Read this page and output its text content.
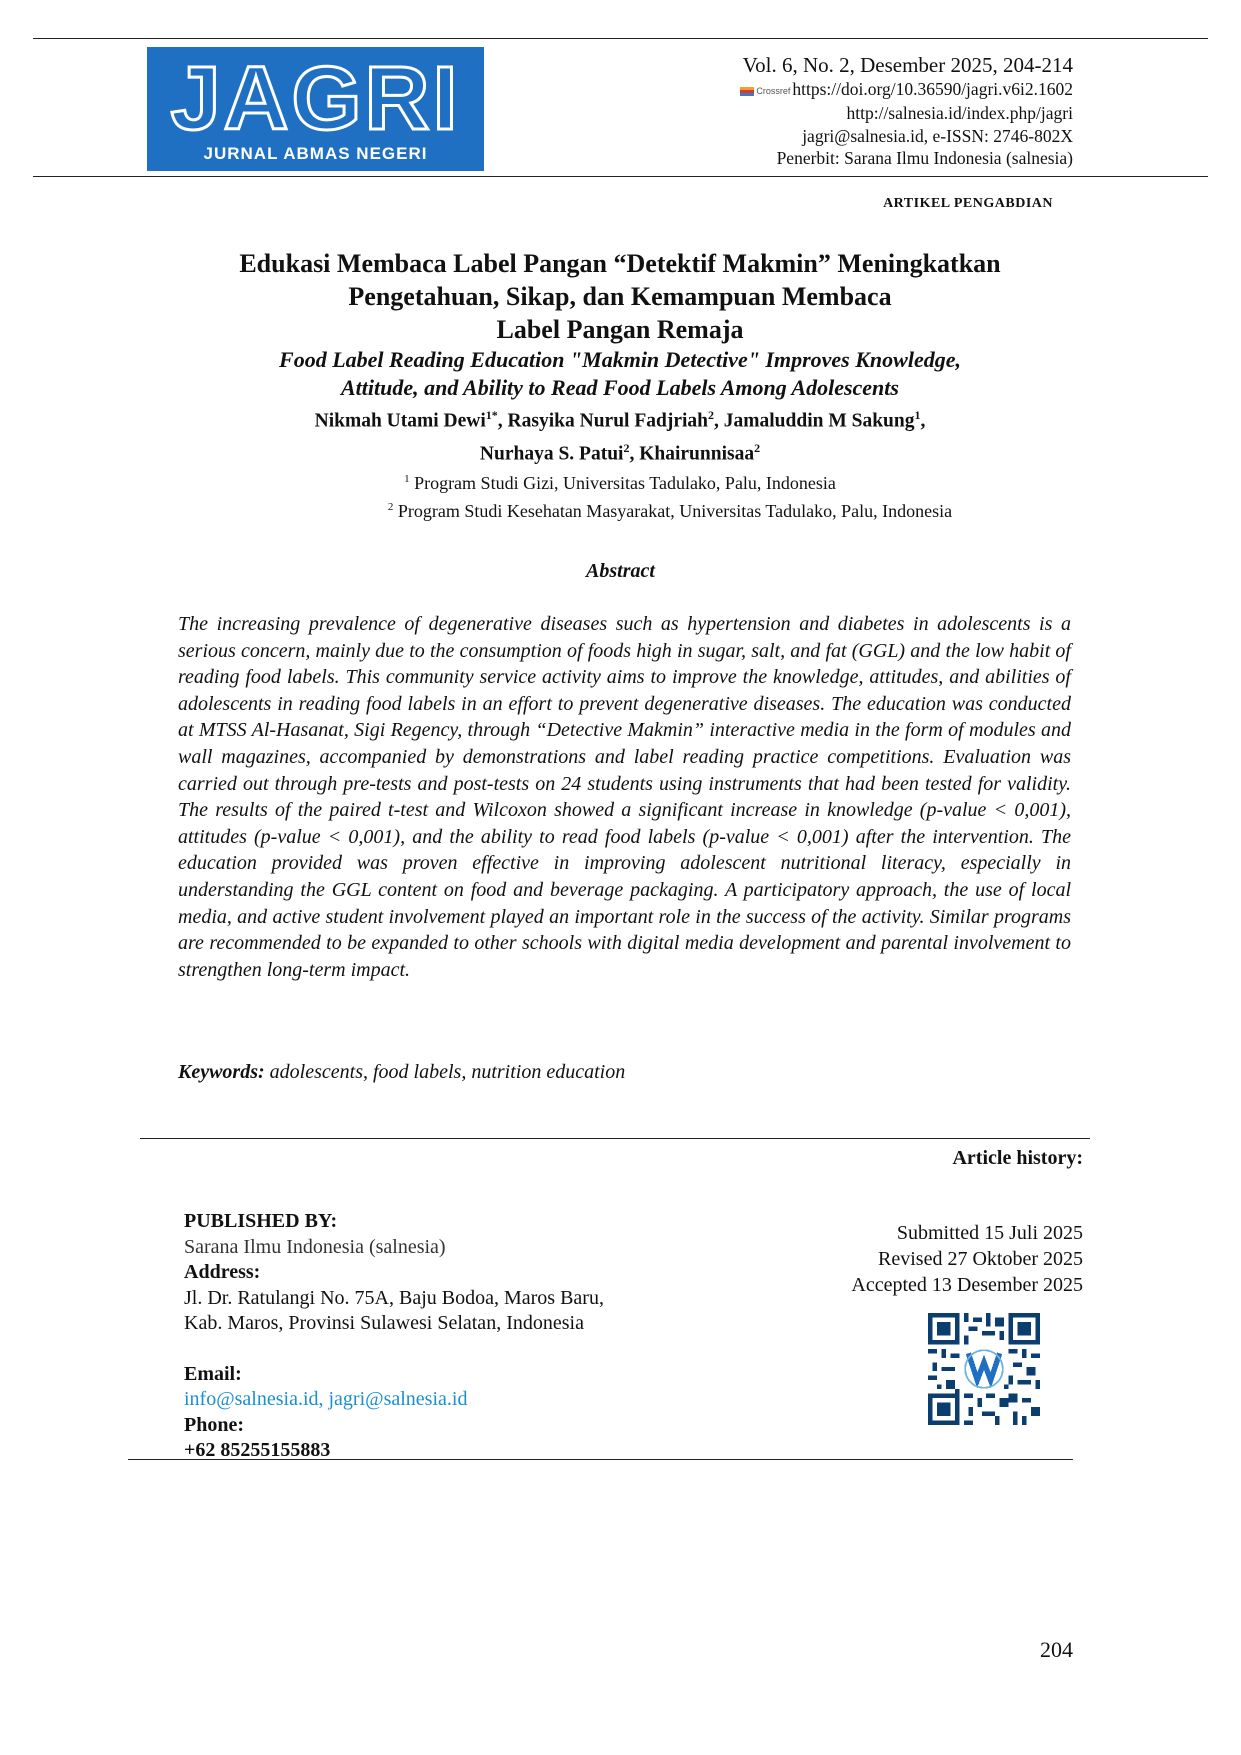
JAGRI
JURNAL ABMAS NEGERI
Vol. 6, No. 2, Desember 2025, 204-214
Crossref https://doi.org/10.36590/jagri.v6i2.1602
http://salnesia.id/index.php/jagri
jagri@salnesia.id, e-ISSN: 2746-802X
Penerbit: Sarana Ilmu Indonesia (salnesia)
ARTIKEL PENGABDIAN
Edukasi Membaca Label Pangan “Detektif Makmin” Meningkatkan
Pengetahuan, Sikap, dan Kemampuan Membaca
Label Pangan Remaja
Food Label Reading Education "Makmin Detective" Improves Knowledge,
Attitude, and Ability to Read Food Labels Among Adolescents
Nikmah Utami Dewi$^{1*}$, Rasyika Nurul Fadjriah$^2$, Jamaluddin M Sakung$^1$,
Nurhaya S. Patui$^2$, Khairunnisaa$^2$
$^1$ Program Studi Gizi, Universitas Tadulako, Palu, Indonesia
$^2$ Program Studi Kesehatan Masyarakat, Universitas Tadulako, Palu, Indonesia
Abstract
The increasing prevalence of degenerative diseases such as hypertension and diabetes in adolescents is a serious concern, mainly due to the consumption of foods high in sugar, salt, and fat (GGL) and the low habit of reading food labels. This community service activity aims to improve the knowledge, attitudes, and abilities of adolescents in reading food labels in an effort to prevent degenerative diseases. The education was conducted at MTSS Al-Hasanat, Sigi Regency, through “Detective Makmin” interactive media in the form of modules and wall magazines, accompanied by demonstrations and label reading practice competitions. Evaluation was carried out through pre-tests and post-tests on 24 students using instruments that had been tested for validity. The results of the paired t-test and Wilcoxon showed a significant increase in knowledge (p-value < 0,001), attitudes (p-value < 0,001), and the ability to read food labels (p-value < 0,001) after the intervention. The education provided was proven effective in improving adolescent nutritional literacy, especially in understanding the GGL content on food and beverage packaging. A participatory approach, the use of local media, and active student involvement played an important role in the success of the activity. Similar programs are recommended to be expanded to other schools with digital media development and parental involvement to strengthen long-term impact.
Keywords: adolescents, food labels, nutrition education
Article history:
PUBLISHED BY:
Sarana Ilmu Indonesia (salnesia)
Address:
Jl. Dr. Ratulangi No. 75A, Baju Bodoa, Maros Baru,
Kab. Maros, Provinsi Sulawesi Selatan, Indonesia
Email:
info@salnesia.id, jagri@salnesia.id
Phone:
+62 85255155883
Submitted 15 Juli 2025
Revised 27 Oktober 2025
Accepted 13 Desember 2025
204
